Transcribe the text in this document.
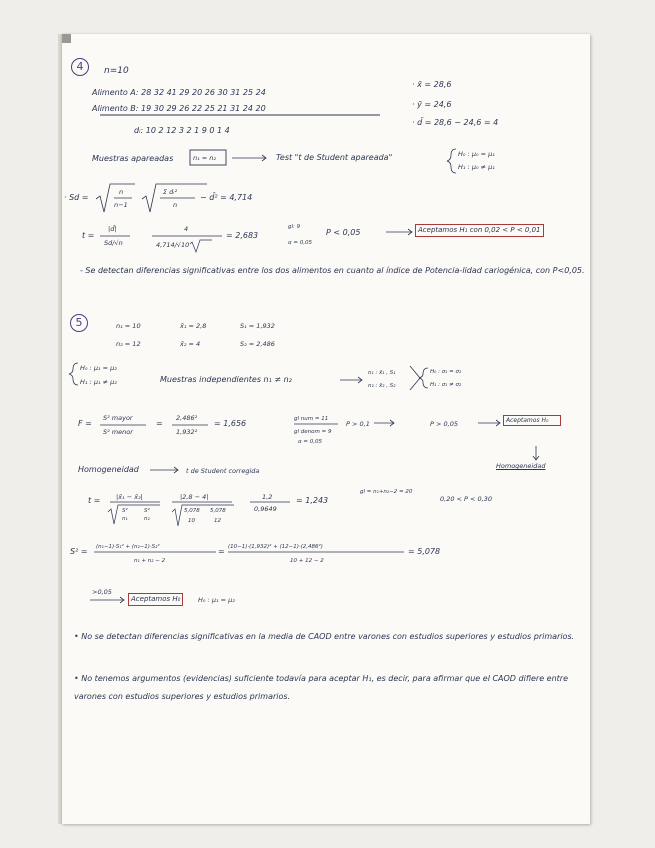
4	n=10
Alimento A: 28 32 41 29 20 26 30 31 25 24
Alimento B: 19 30 29 26 22 25 21 31 24 20
dᵢ: 10 2 12 3 2 1 9 0 1 4
· x̄ = 28,6
· ȳ = 24,6
· d̄ = 28,6 − 24,6 = 4
Muestras apareadas	n₁ = n₂	Test "t de Student apareada"	H₀ : μ₀ = μ₁
H₁ : μ₀ ≠ μ₁
· Sd =
n
n−1
Σ dᵢ²
n
− d̄² = 4,714
t =
|d̄|
Sd/√n
4
4,714/√10
= 2,683
gl: 9
α = 0,05
P < 0,05	Aceptamos H₁ con 0,02 < P < 0,01
- Se detectan diferencias significativas entre los dos alimentos en cuanto al índice de Potencia-lidad cariogénica, con P<0,05.
5	n₁ = 10	x̄₁ = 2,8	S₁ = 1,932
n₂ = 12	x̄₂ = 4	S₂ = 2,486
H₀ : μ₁ = μ₂
H₁ : μ₁ ≠ μ₂	Muestras independientes n₁ ≠ n₂
n₁ : x̄₁ , S₁
n₂ : x̄₂ , S₂
H₀ : σ₁ = σ₂
H₁ : σ₁ ≠ σ₂
F =
S² mayor
S² menor
=
2,486²
1,932²
= 1,656	gl num = 11
gl denom = 9
α = 0,05
P > 0,1	P > 0,05	Aceptamos H₀
Homogeneidad
Homogeneidad	t de Student corregida
t = |x̄₁ − x̄₂|
S²
n₁
S²
n₂
|2,8 − 4|
5,078
10
5,078
12
1,2
0,9649
= 1,243
gl = n₁+n₂−2 = 20
0,20 < P < 0,30
S² = (n₁−1)·S₁² + (n₂−1)·S₂²
n₁ + n₂ − 2
= (10−1)·(1,932)² + (12−1)·(2,486²)
10 + 12 − 2
= 5,078
>0,05
Aceptamos H₀	H₀ : μ₁ = μ₂
• No se detectan diferencias significativas en la media de CAOD entre varones con estudios superiores y estudios primarios.
• No tenemos argumentos (evidencias) suficiente todavía para aceptar H₁, es decir, para afirmar que el CAOD difiere entre varones con estudios superiores y estudios primarios.
